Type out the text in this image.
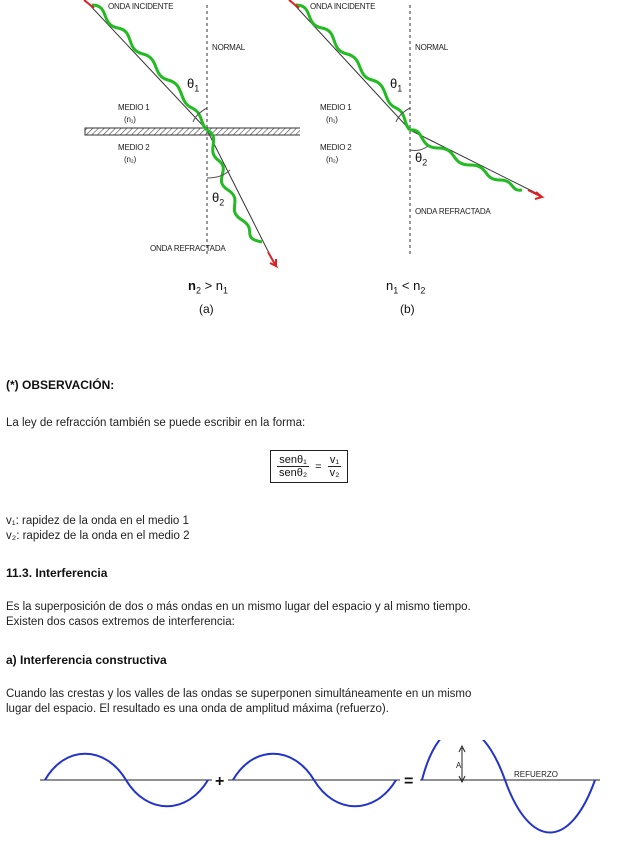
ONDA INCIDENTE
NORMAL
$\theta_1$
MEDIO 1
(n₁)
MEDIO 2
(n₂)
$\theta_2$
ONDA REFRACTADA
$n_2 > n_1$
(a)
ONDA INCIDENTE
NORMAL
$\theta_1$
MEDIO 1
(n₁)
MEDIO 2
(n₂)	$\theta_2$
ONDA REFRACTADA
$n_1 < n_2$
(b)
(*) OBSERVACIÓN:
La ley de refracción también se puede escribir en la forma:
$\frac{\text{senθ₁}}{\text{senθ₂}} = \frac{\text{v₁}}{\text{v₂}}$
v₁: rapidez de la onda en el medio 1
v₂: rapidez de la onda en el medio 2
11.3. Interferencia
Es la superposición de dos o más ondas en un mismo lugar del espacio y al mismo tiempo.
Existen dos casos extremos de interferencia:
a) Interferencia constructiva
Cuando las crestas y los valles de las ondas se superponen simultáneamente en un mismo
lugar del espacio. El resultado es una onda de amplitud máxima (refuerzo).
+	=
A
REFUERZO
